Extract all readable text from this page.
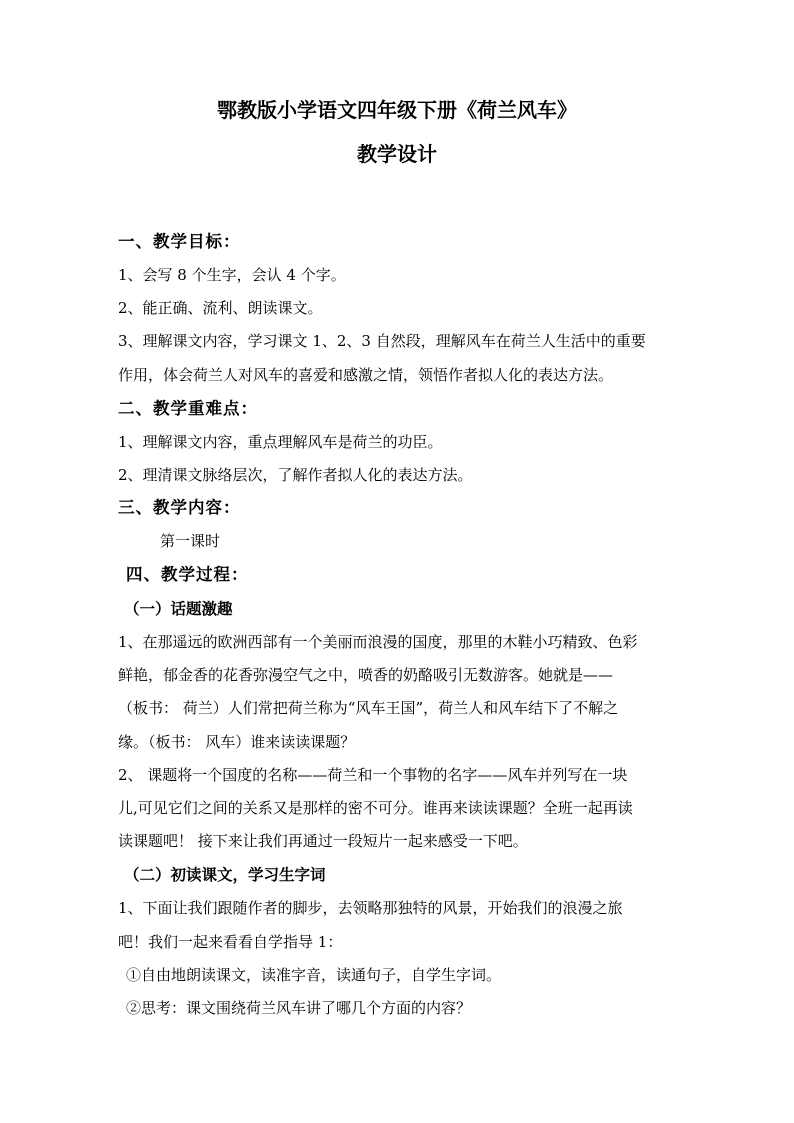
鄂教版小学语文四年级下册《荷兰风车》
教学设计
一、教学目标：
1、会写 8 个生字，会认 4 个字。
2、能正确、流利、朗读课文。
3、理解课文内容，学习课文 1、2、3 自然段，理解风车在荷兰人生活中的重要
作用，体会荷兰人对风车的喜爱和感激之情，领悟作者拟人化的表达方法。
二、教学重难点：
1、理解课文内容，重点理解风车是荷兰的功臣。
2、理清课文脉络层次，了解作者拟人化的表达方法。
三、教学内容：
第一课时
四、教学过程：
（一）话题激趣
1、在那遥远的欧洲西部有一个美丽而浪漫的国度，那里的木鞋小巧精致、色彩
鲜艳，郁金香的花香弥漫空气之中，喷香的奶酪吸引无数游客。她就是——
（板书： 荷兰）人们常把荷兰称为“风车王国”，荷兰人和风车结下了不解之
缘。（板书： 风车）谁来读读课题？
2、 课题将一个国度的名称——荷兰和一个事物的名字——风车并列写在一块
儿,可见它们之间的关系又是那样的密不可分。谁再来读读课题？全班一起再读
读课题吧！ 接下来让我们再通过一段短片一起来感受一下吧。
（二）初读课文，学习生字词
1、下面让我们跟随作者的脚步，去领略那独特的风景，开始我们的浪漫之旅
吧！我们一起来看看自学指导 1：
①自由地朗读课文，读准字音，读通句子，自学生字词。
②思考：课文围绕荷兰风车讲了哪几个方面的内容？
